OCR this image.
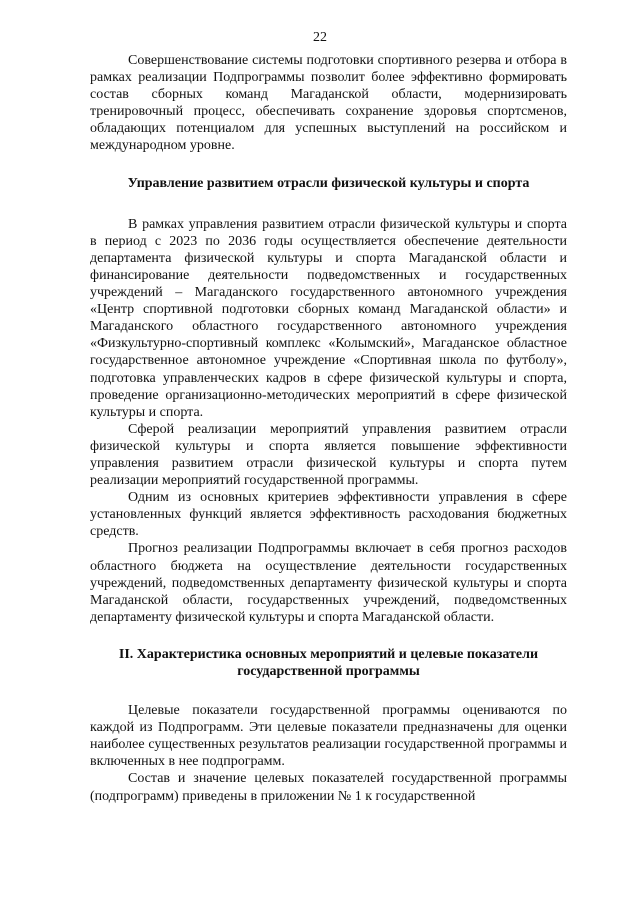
22

Совершенствование системы подготовки спортивного резерва и отбора в рамках реализации Подпрограммы позволит более эффективно формировать состав сборных команд Магаданской области, модернизировать тренировочный процесс, обеспечивать сохранение здоровья спортсменов, обладающих потенциалом для успешных выступлений на российском и международном уровне.

Управление развитием отрасли физической культуры и спорта

В рамках управления развитием отрасли физической культуры и спорта в период с 2023 по 2036 годы осуществляется обеспечение деятельности департамента физической культуры и спорта Магаданской области и финансирование деятельности подведомственных и государственных учреждений – Магаданского государственного автономного учреждения «Центр спортивной подготовки сборных команд Магаданской области» и Магаданского областного государственного автономного учреждения «Физкультурно-спортивный комплекс «Колымский», Магаданское областное государственное автономное учреждение «Спортивная школа по футболу», подготовка управленческих кадров в сфере физической культуры и спорта, проведение организационно-методических мероприятий в сфере физической культуры и спорта.

Сферой реализации мероприятий управления развитием отрасли физической культуры и спорта является повышение эффективности управления развитием отрасли физической культуры и спорта путем реализации мероприятий государственной программы.

Одним из основных критериев эффективности управления в сфере установленных функций является эффективность расходования бюджетных средств.

Прогноз реализации Подпрограммы включает в себя прогноз расходов областного бюджета на осуществление деятельности государственных учреждений, подведомственных департаменту физической культуры и спорта Магаданской области, государственных учреждений, подведомственных департаменту физической культуры и спорта Магаданской области.

II. Характеристика основных мероприятий и целевые показатели

государственной программы

Целевые показатели государственной программы оцениваются по каждой из Подпрограмм. Эти целевые показатели предназначены для оценки наиболее существенных результатов реализации государственной программы и включенных в нее подпрограмм.

Состав и значение целевых показателей государственной программы (подпрограмм) приведены в приложении № 1 к государственной
